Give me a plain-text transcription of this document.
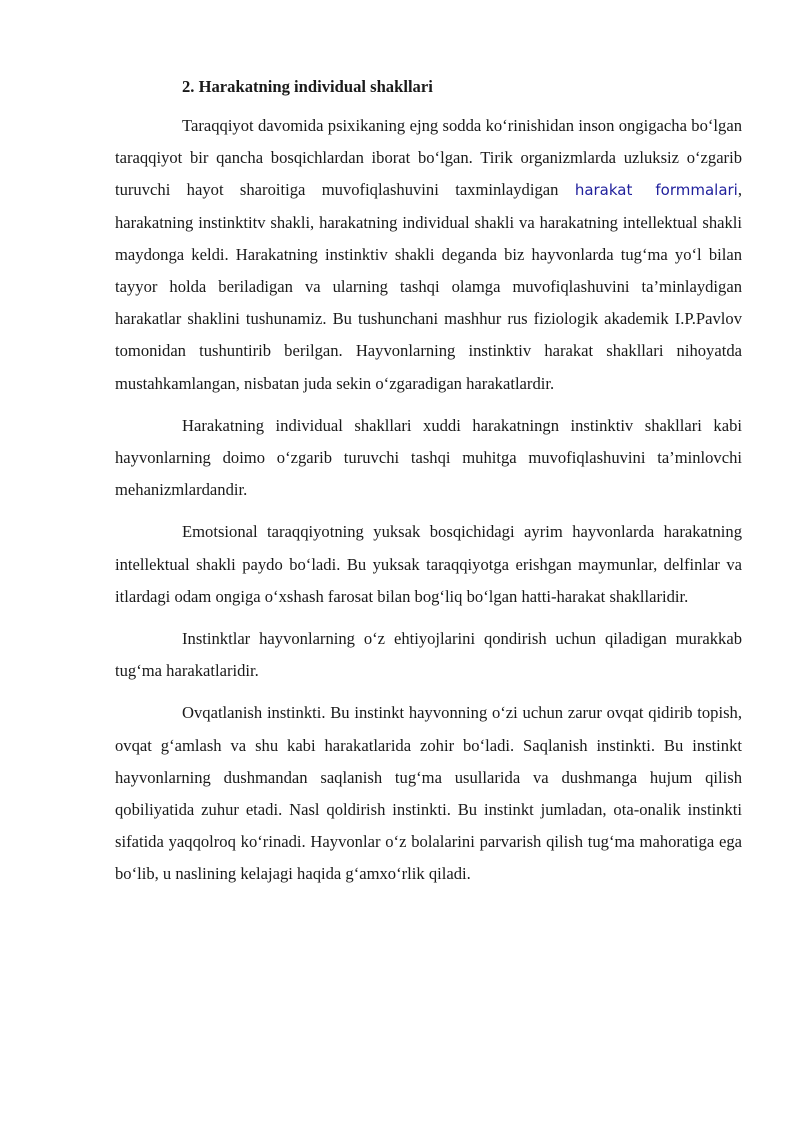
2. Harakatning individual shakllari

Taraqqiyot davomida psixikaning ejng sodda ko‘rinishidan inson ongigacha bo‘lgan taraqqiyot bir qancha bosqichlardan iborat bo‘lgan. Tirik organizmlarda uzluksiz o‘zgarib turuvchi hayot sharoitiga muvofiqlashuvini taxminlaydigan harakat formmalari, harakatning instinktitv shakli, harakatning individual shakli va harakatning intellektual shakli maydonga keldi. Harakatning instinktiv shakli deganda biz hayvonlarda tug‘ma yo‘l bilan tayyor holda beriladigan va ularning tashqi olamga muvofiqlashuvini ta’minlaydigan harakatlar shaklini tushunamiz. Bu tushunchani mashhur rus fiziologik akademik I.P.Pavlov tomonidan tushuntirib berilgan. Hayvonlarning instinktiv harakat shakllari nihoyatda mustahkamlangan, nisbatan juda sekin o‘zgaradigan harakatlardir.

Harakatning individual shakllari xuddi harakatningn instinktiv shakllari kabi hayvonlarning doimo o‘zgarib turuvchi tashqi muhitga muvofiqlashuvini ta’minlovchi mehanizmlardandir.

Emotsional taraqqiyotning yuksak bosqichidagi ayrim hayvonlarda harakatning intellektual shakli paydo bo‘ladi. Bu yuksak taraqqiyotga erishgan maymunlar, delfinlar va itlardagi odam ongiga o‘xshash farosat bilan bog‘liq bo‘lgan hatti-harakat shakllaridir.

Instinktlar hayvonlarning o‘z ehtiyojlarini qondirish uchun qiladigan murakkab tug‘ma harakatlaridir.

Ovqatlanish instinkti. Bu instinkt hayvonning o‘zi uchun zarur ovqat qidirib topish, ovqat g‘amlash va shu kabi harakatlarida zohir bo‘ladi. Saqlanish instinkti. Bu instinkt hayvonlarning dushmandan saqlanish tug‘ma usullarida va dushmanga hujum qilish qobiliyatida zuhur etadi. Nasl qoldirish instinkti. Bu instinkt jumladan, ota-onalik instinkti sifatida yaqqolroq ko‘rinadi. Hayvonlar o‘z bolalarini parvarish qilish tug‘ma mahoratiga ega bo‘lib, u naslining kelajagi haqida g‘amxo‘rlik qiladi.
